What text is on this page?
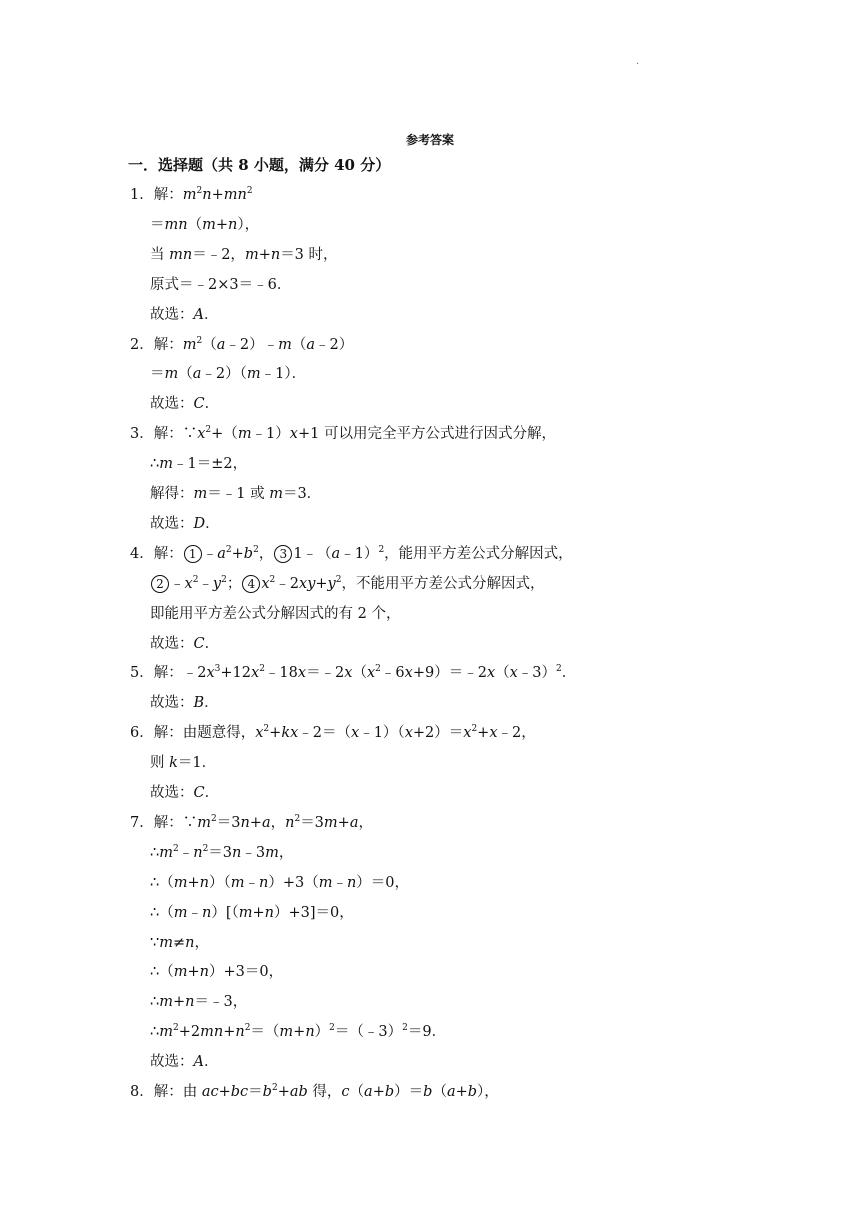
.
参考答案
一．选择题（共 8 小题，满分 40 分）
1．解：$m^2n+mn^2$
＝mn（m+n），
当 mn＝﹣2，m+n＝3 时，
原式＝﹣2×3＝﹣6．
故选：A．
2．解：$m^2(a﹣2)﹣m(a﹣2)$
＝m（a﹣2）（m﹣1）．
故选：C．
3．解：$\because x^2+(m﹣1)x+1$ 可以用完全平方公式进行因式分解，
∴m﹣1＝±2，
解得：m＝﹣1 或 m＝3．
故选：D．
4．解： 1 $﹣a^2+b^2$， 3 1﹣（a﹣1）$^2$，能用平方差公式分解因式，
2 $﹣x^2﹣y^2$； 4 $x^2﹣2xy+y^2$，不能用平方差公式分解因式，
即能用平方差公式分解因式的有 2 个，
故选：C．
5．解：$﹣2x^3+12x^2﹣18x=﹣2x(x^2﹣6x+9)=﹣2x(x﹣3)^2$．
故选：B．
6．解：由题意得，$x^2+kx﹣2=(x﹣1)(x+2)=x^2+x﹣2$，
则 k＝1．
故选：C．
7．解：$\because m^2=3n+a$，$n^2=3m+a$，
$\therefore m^2﹣n^2=3n﹣3m$，
∴（m+n）（m﹣n）+3（m﹣n）＝0，
∴（m﹣n）[（m+n）+3]＝0，
∵m≠n，
∴（m+n）+3＝0，
∴m+n＝﹣3，
$\therefore m^2+2mn+n^2=(m+n)^2=(﹣3)^2=9$．
故选：A．
8．解：由 $ac+bc=b^2+ab$ 得，c（a+b）＝b（a+b），
